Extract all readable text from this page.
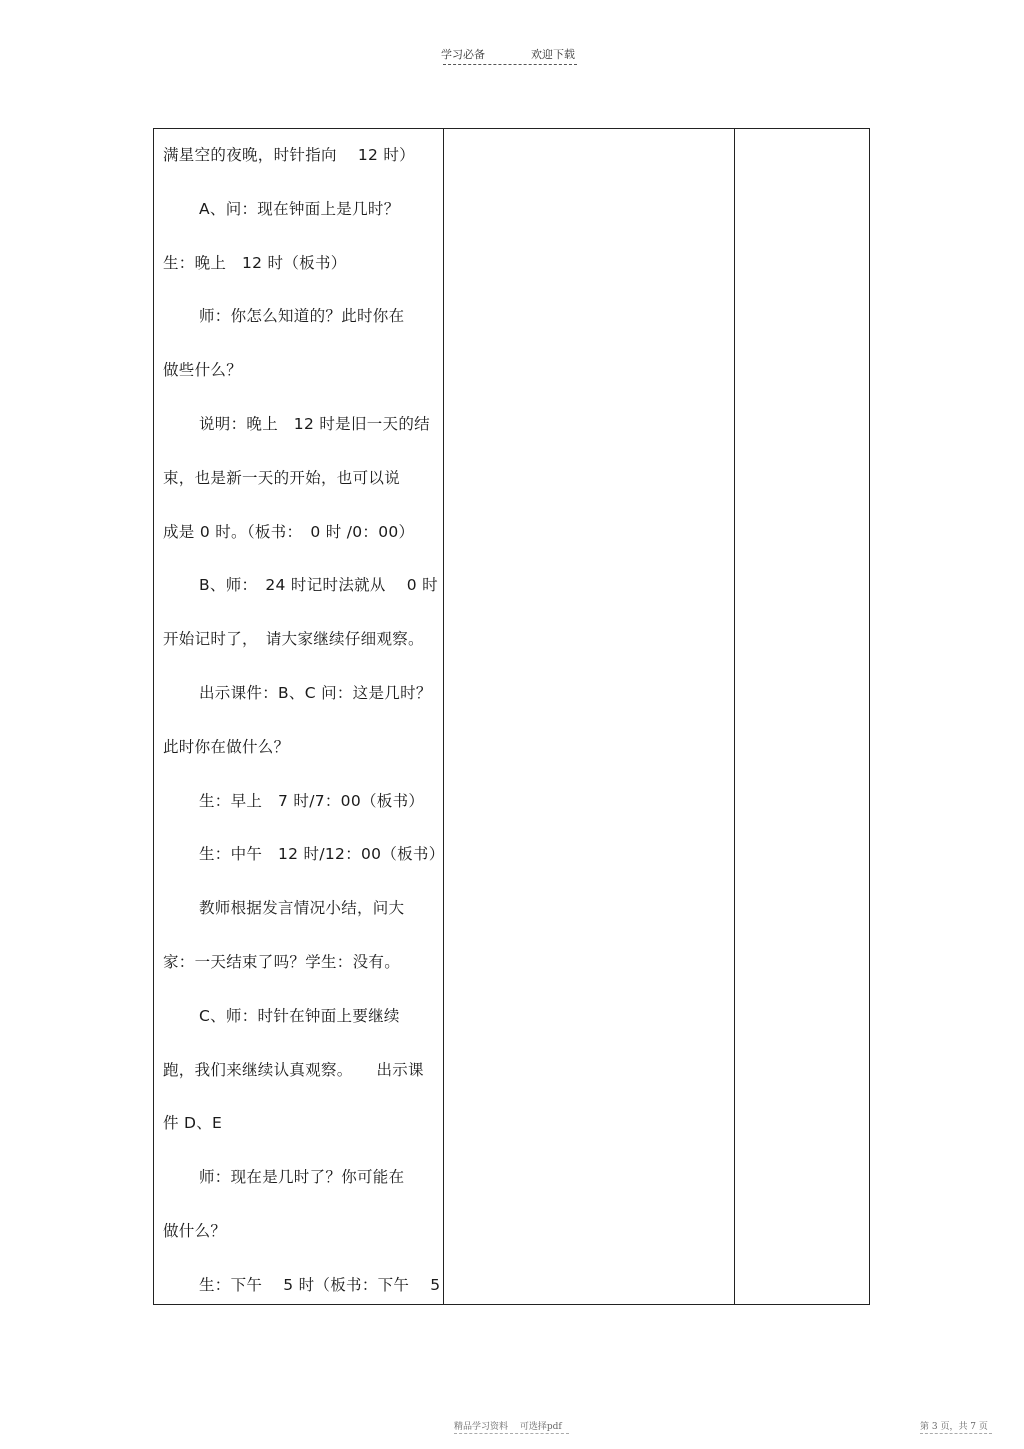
学习必备	欢迎下载
满星空的夜晚，时针指向　 12 时）
A、问：现在钟面上是几时？
生：晚上　12 时（板书）
师：你怎么知道的？此时你在
做些什么？
说明：晚上　12 时是旧一天的结
束，也是新一天的开始，也可以说
成是 0 时。（板书：　0 时 /0：00）
B、师：　24 时记时法就从　 0 时
开始记时了，　请大家继续仔细观察。
出示课件：B、C 问：这是几时？
此时你在做什么？
生：早上　7 时/7：00（板书）
生：中午　12 时/12：00（板书）
教师根据发言情况小结，问大
家：一天结束了吗？学生：没有。
C、师：时针在钟面上要继续
跑，我们来继续认真观察。　　出示课
件 D、E
师：现在是几时了？你可能在
做什么？
生：下午　 5 时（板书：下午　 5
精品学习资料　 可选择pdf	第 3 页，共 7 页
